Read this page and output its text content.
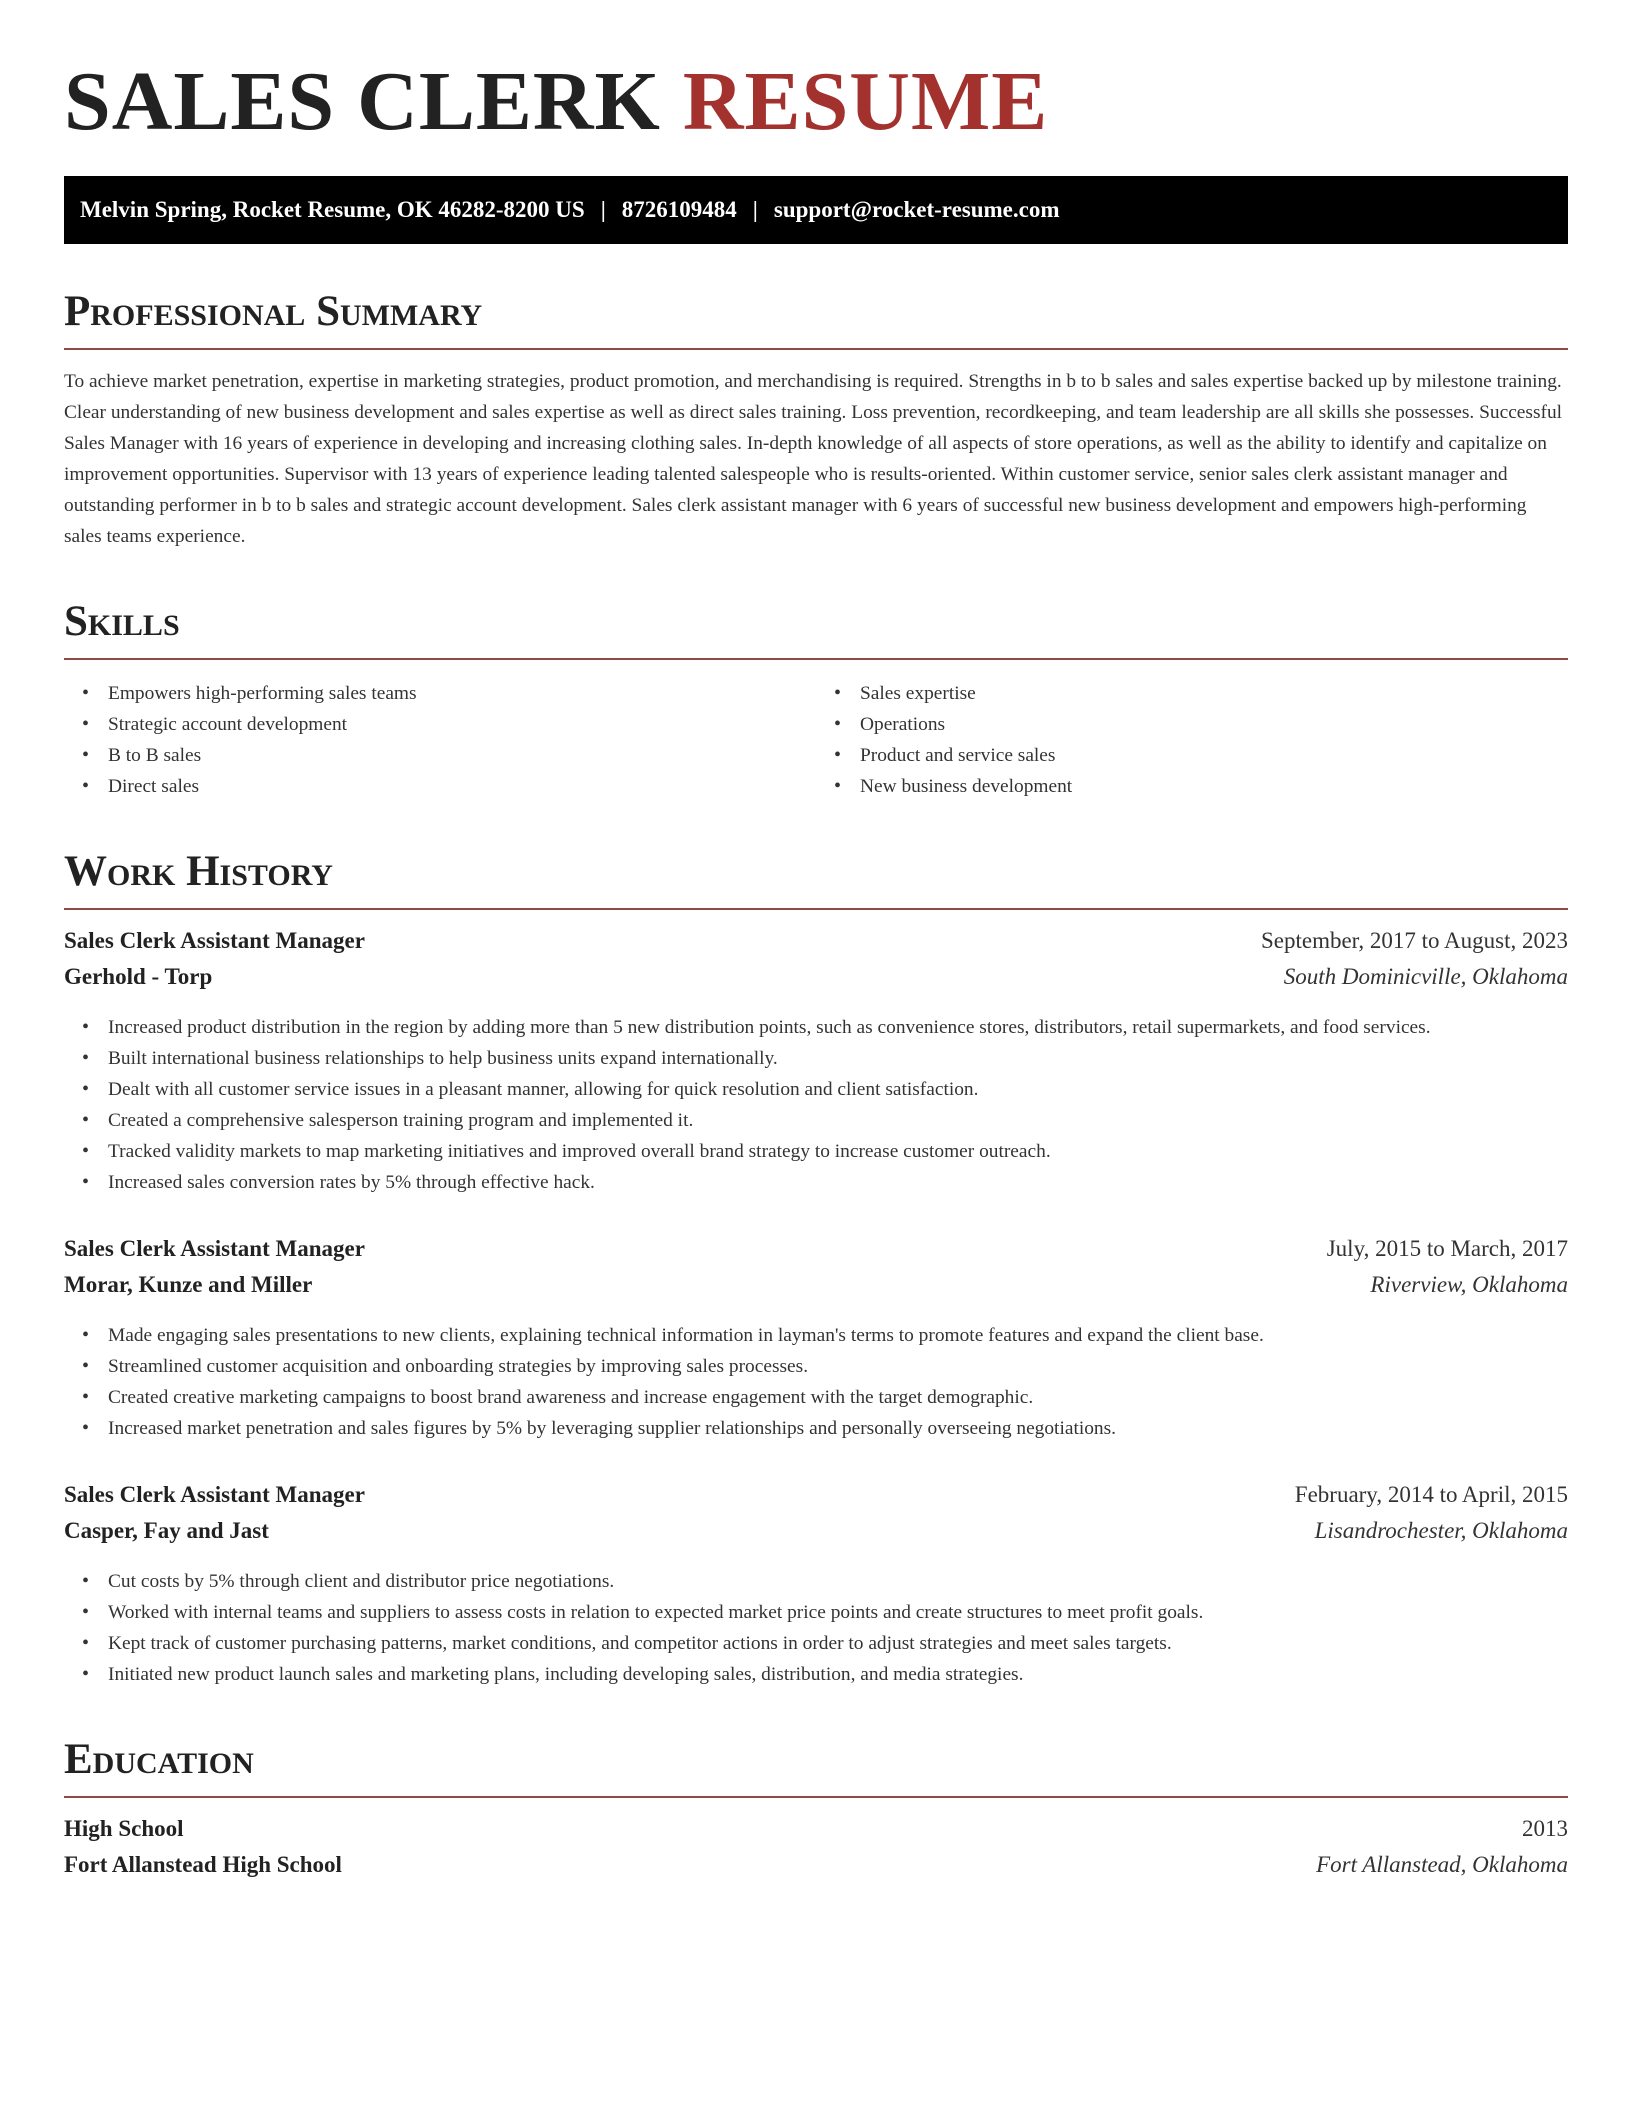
SALES CLERK RESUME
Melvin Spring, Rocket Resume, OK 46282-8200 US | 8726109484 | support@rocket-resume.com
Professional Summary

To achieve market penetration, expertise in marketing strategies, product promotion, and merchandising is required. Strengths in b to b sales and sales expertise backed up by milestone training. Clear understanding of new business development and sales expertise as well as direct sales training. Loss prevention, recordkeeping, and team leadership are all skills she possesses. Successful Sales Manager with 16 years of experience in developing and increasing clothing sales. In-depth knowledge of all aspects of store operations, as well as the ability to identify and capitalize on improvement opportunities. Supervisor with 13 years of experience leading talented salespeople who is results-oriented. Within customer service, senior sales clerk assistant manager and outstanding performer in b to b sales and strategic account development. Sales clerk assistant manager with 6 years of successful new business development and empowers high-performing sales teams experience.

Skills
• Empowers high-performing sales teams
• Strategic account development
• B to B sales
• Direct sales
• Sales expertise
• Operations
• Product and service sales
• New business development
Work History
Sales Clerk Assistant Manager	September, 2017 to August, 2023
Gerhold - Torp	South Dominicville, Oklahoma
• Increased product distribution in the region by adding more than 5 new distribution points, such as convenience stores, distributors, retail supermarkets, and food services.
• Built international business relationships to help business units expand internationally.
• Dealt with all customer service issues in a pleasant manner, allowing for quick resolution and client satisfaction.
• Created a comprehensive salesperson training program and implemented it.
• Tracked validity markets to map marketing initiatives and improved overall brand strategy to increase customer outreach.
• Increased sales conversion rates by 5% through effective hack.
Sales Clerk Assistant Manager	July, 2015 to March, 2017
Morar, Kunze and Miller	Riverview, Oklahoma
• Made engaging sales presentations to new clients, explaining technical information in layman's terms to promote features and expand the client base.
• Streamlined customer acquisition and onboarding strategies by improving sales processes.
• Created creative marketing campaigns to boost brand awareness and increase engagement with the target demographic.
• Increased market penetration and sales figures by 5% by leveraging supplier relationships and personally overseeing negotiations.
Sales Clerk Assistant Manager	February, 2014 to April, 2015
Casper, Fay and Jast	Lisandrochester, Oklahoma
• Cut costs by 5% through client and distributor price negotiations.
• Worked with internal teams and suppliers to assess costs in relation to expected market price points and create structures to meet profit goals.
• Kept track of customer purchasing patterns, market conditions, and competitor actions in order to adjust strategies and meet sales targets.
• Initiated new product launch sales and marketing plans, including developing sales, distribution, and media strategies.
Education
High School	2013
Fort Allanstead High School	Fort Allanstead, Oklahoma
